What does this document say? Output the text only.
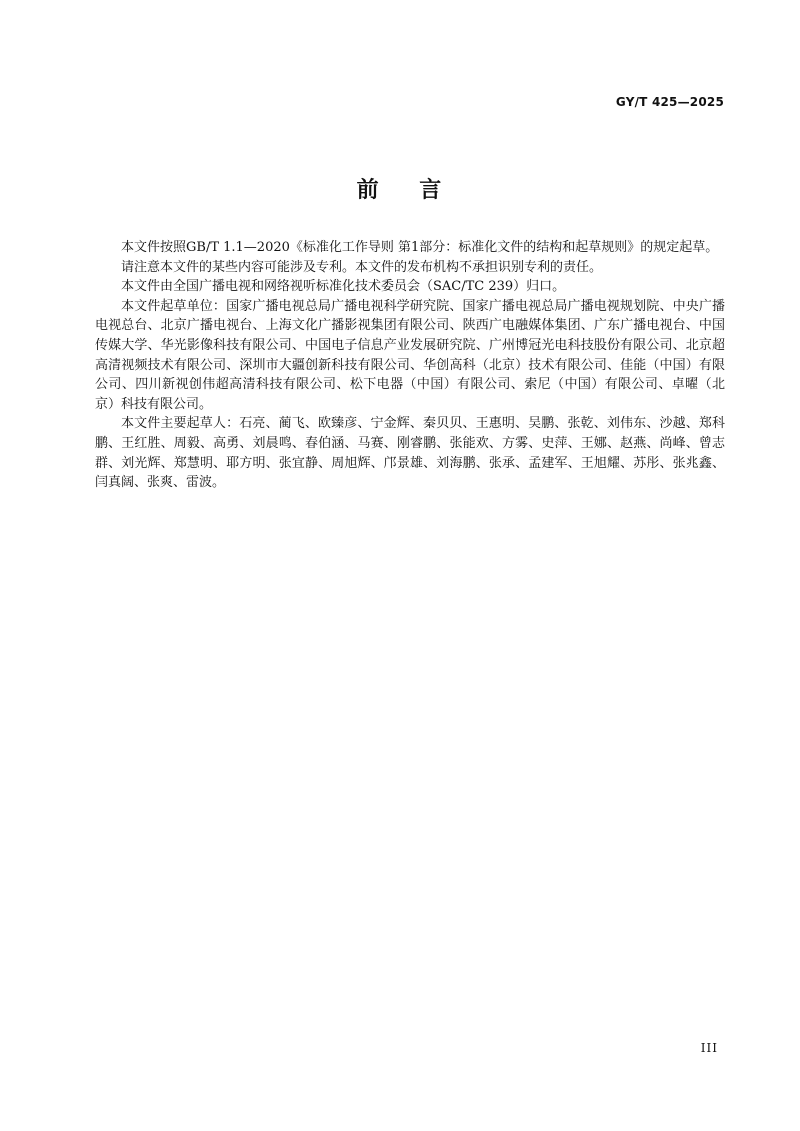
GY/T 425—2025
前    言

本文件按照GB/T 1.1—2020《标准化工作导则 第1部分：标准化文件的结构和起草规则》的规定起草。

请注意本文件的某些内容可能涉及专利。本文件的发布机构不承担识别专利的责任。

本文件由全国广播电视和网络视听标准化技术委员会（SAC/TC 239）归口。

本文件起草单位：国家广播电视总局广播电视科学研究院、国家广播电视总局广播电视规划院、中央广播电视总台、北京广播电视台、上海文化广播影视集团有限公司、陕西广电融媒体集团、广东广播电视台、中国传媒大学、华光影像科技有限公司、中国电子信息产业发展研究院、广州博冠光电科技股份有限公司、北京超高清视频技术有限公司、深圳市大疆创新科技有限公司、华创高科（北京）技术有限公司、佳能（中国）有限公司、四川新视创伟超高清科技有限公司、松下电器（中国）有限公司、索尼（中国）有限公司、卓曜（北京）科技有限公司。

本文件主要起草人：石亮、蔺飞、欧臻彦、宁金辉、秦贝贝、王惠明、吴鹏、张乾、刘伟东、沙越、郑科鹏、王红胜、周毅、高勇、刘晨鸣、春伯涵、马赛、刚睿鹏、张能欢、方雾、史萍、王娜、赵燕、尚峰、曾志群、刘光辉、郑慧明、耶方明、张宜静、周旭辉、邝景雄、刘海鹏、张承、孟建军、王旭耀、苏彤、张兆鑫、闫真阔、张爽、雷波。

III
